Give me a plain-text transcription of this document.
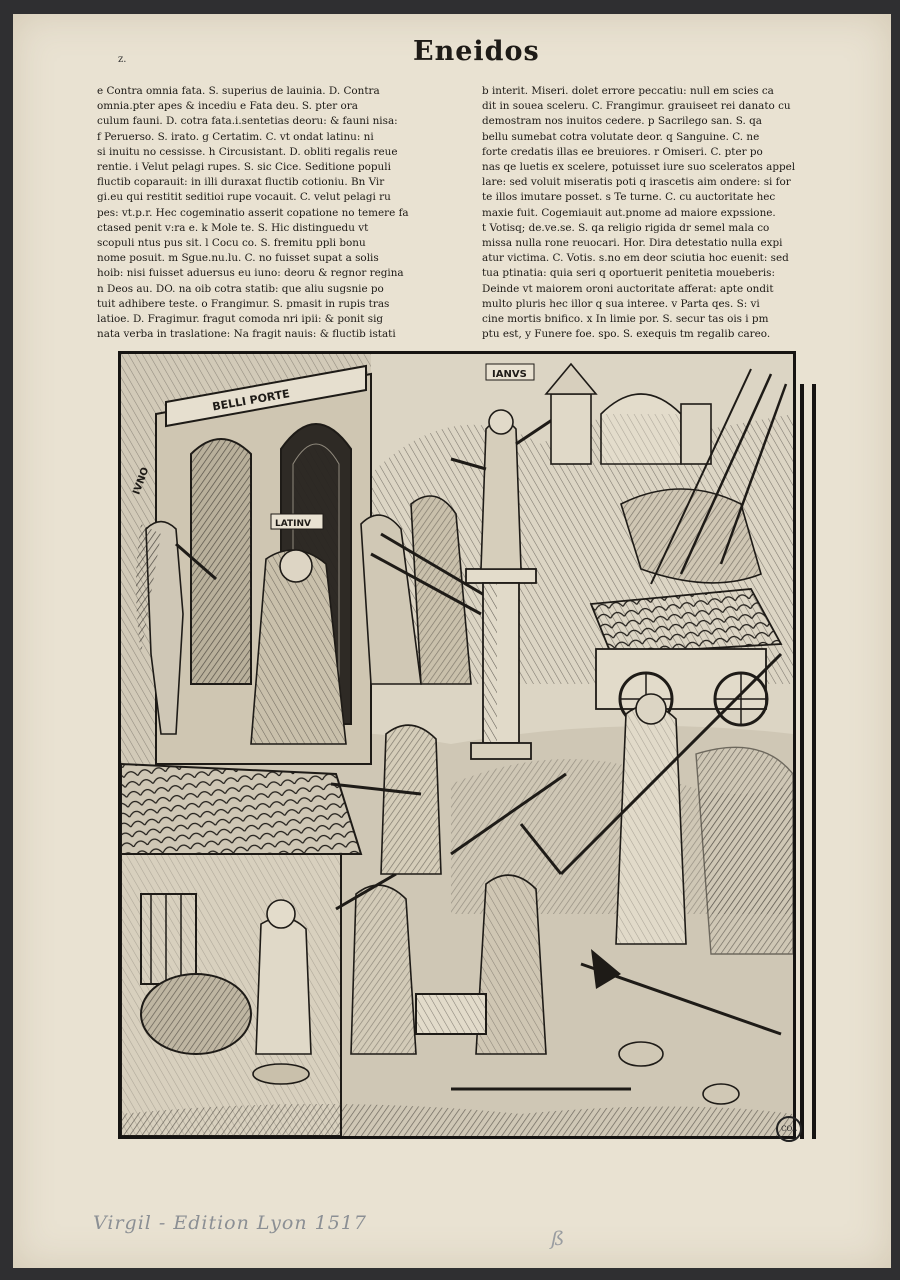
z.	Eneidos
e Contra omnia fata. S. superius de lauinia. D. Contra
omnia.pter apes & incediu e Fata deu. S. pter ora
culum fauni. D. cotra fata.i.sentetias deoru: & fauni nisa:
f Peruerso. S. irato. g Certatim. C. vt ondat latinu: ni
si inuitu no cessisse. h Circusistant. D. obliti regalis reue
rentie. i Velut pelagi rupes. S. sic Cice. Seditione populi
fluctib coparauit: in illi duraxat fluctib cotioniu. Bn Vir
gi.eu qui restitit seditioi rupe vocauit. C. velut pelagi ru
pes: vt.p.r. Hec cogeminatio asserit copatione no temere fa
ctased penit v:ra e. k Mole te. S. Hic distinguedu vt
scopuli ntus pus sit. l Cocu co. S. fremitu ppli bonu
nome posuit. m Sgue.nu.lu. C. no fuisset supat a solis
hoib: nisi fuisset aduersus eu iuno: deoru & regnor regina
n Deos au. DO. na oib cotra statib: que aliu sugsnie po
tuit adhibere teste. o Frangimur. S. pmasit in rupis tras
latioe. D. Fragimur. fragut comoda nri ipii: & ponit sig
nata verba in traslatione: Na fragit nauis: & fluctib istati
b interit. Miseri. dolet errore peccatiu: null em scies ca
dit in souea sceleru. C. Frangimur. grauiseet rei danato cu
demostram nos inuitos cedere. p Sacrilego san. S. qa
bellu sumebat cotra volutate deor. q Sanguine. C. ne
forte credatis illas ee breuiores. r Omiseri. C. pter po
nas qe luetis ex scelere, potuisset iure suo sceleratos appel
lare: sed voluit miseratis poti q irascetis aim ondere: si for
te illos imutare posset. s Te turne. C. cu auctoritate hec
maxie fuit. Cogemiauit aut.pnome ad maiore expssione.
t Votisq; de.ve.se. S. qa religio rigida dr semel mala co
missa nulla rone reuocari. Hor. Dira detestatio nulla expi
atur victima. C. Votis. s.no em deor sciutia hoc euenit: sed
tua ptinatia: quia seri q oportuerit penitetia moueberis:
Deinde vt maiorem oroni auctoritate afferat: apte ondit
multo pluris hec illor q sua interee. v Parta qes. S: vi
cine mortis bnifico. x In limie por. S. secur tas ois i pm
ptu est, y Funere foe. spo. S. exequis tm regalib careo.
BELLI PORTE
IVNO
LATINV
IANVS
COL
Virgil - Edition Lyon 1517
ß
